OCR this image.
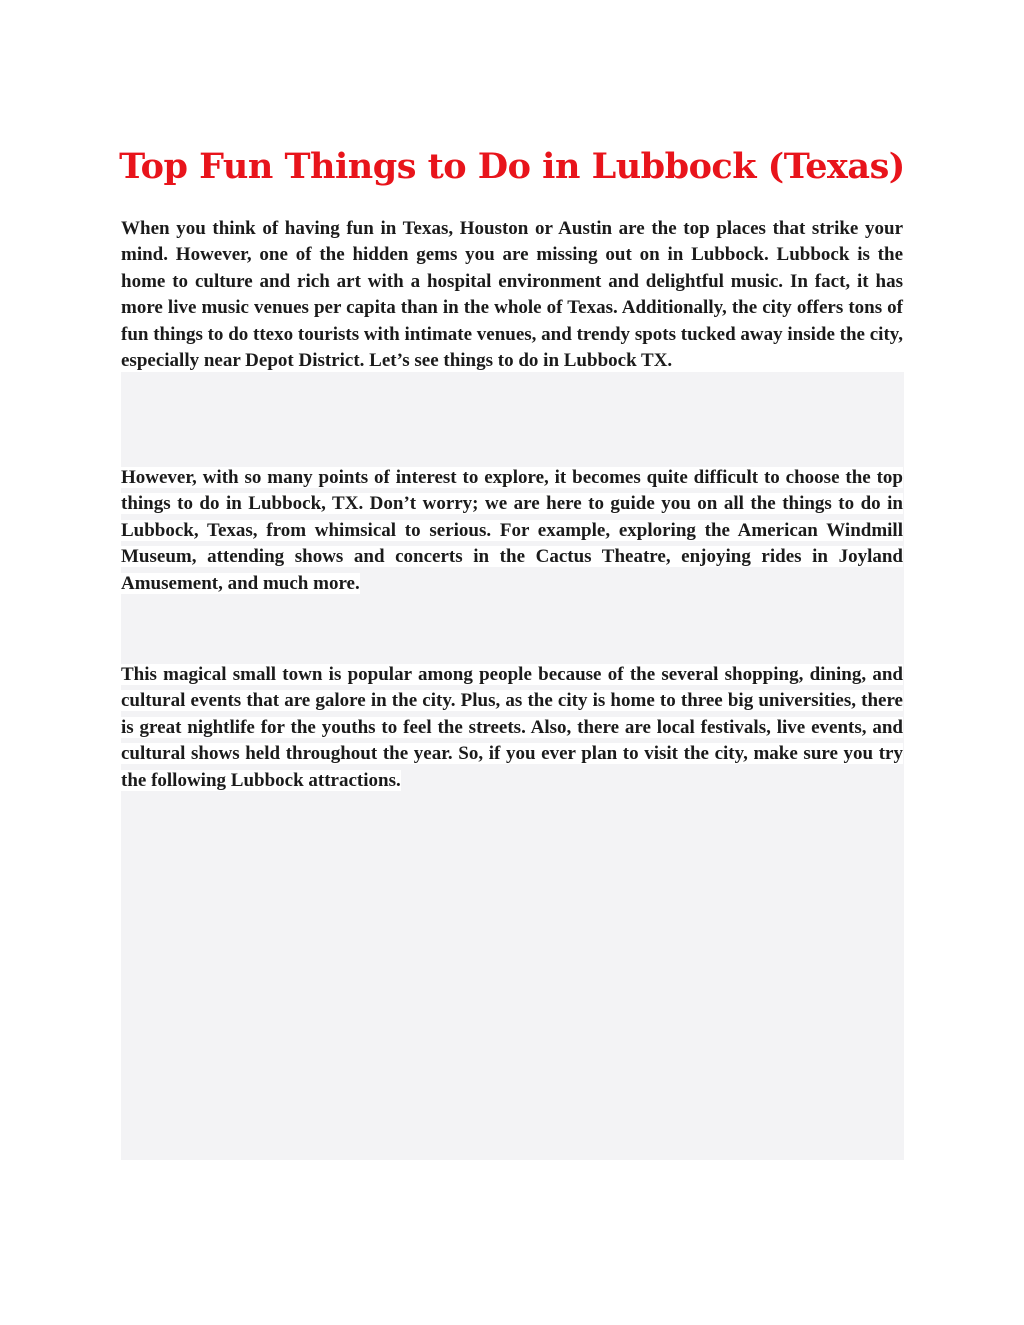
Top Fun Things to Do in Lubbock (Texas)

When you think of having fun in Texas, Houston or Austin are the top places that strike your mind. However, one of the hidden gems you are missing out on in Lubbock. Lubbock is the home to culture and rich art with a hospital environment and delightful music. In fact, it has more live music venues per capita than in the whole of Texas. Additionally, the city offers tons of fun things to do ttexo tourists with intimate venues, and trendy spots tucked away inside the city, especially near Depot District. Let’s see things to do in Lubbock TX.

However, with so many points of interest to explore, it becomes quite difficult to choose the top things to do in Lubbock, TX. Don’t worry; we are here to guide you on all the things to do in Lubbock, Texas, from whimsical to serious. For example, exploring the American Windmill Museum, attending shows and concerts in the Cactus Theatre, enjoying rides in Joyland Amusement, and much more.

This magical small town is popular among people because of the several shopping, dining, and cultural events that are galore in the city. Plus, as the city is home to three big universities, there is great nightlife for the youths to feel the streets. Also, there are local festivals, live events, and cultural shows held throughout the year. So, if you ever plan to visit the city, make sure you try the following Lubbock attractions.
